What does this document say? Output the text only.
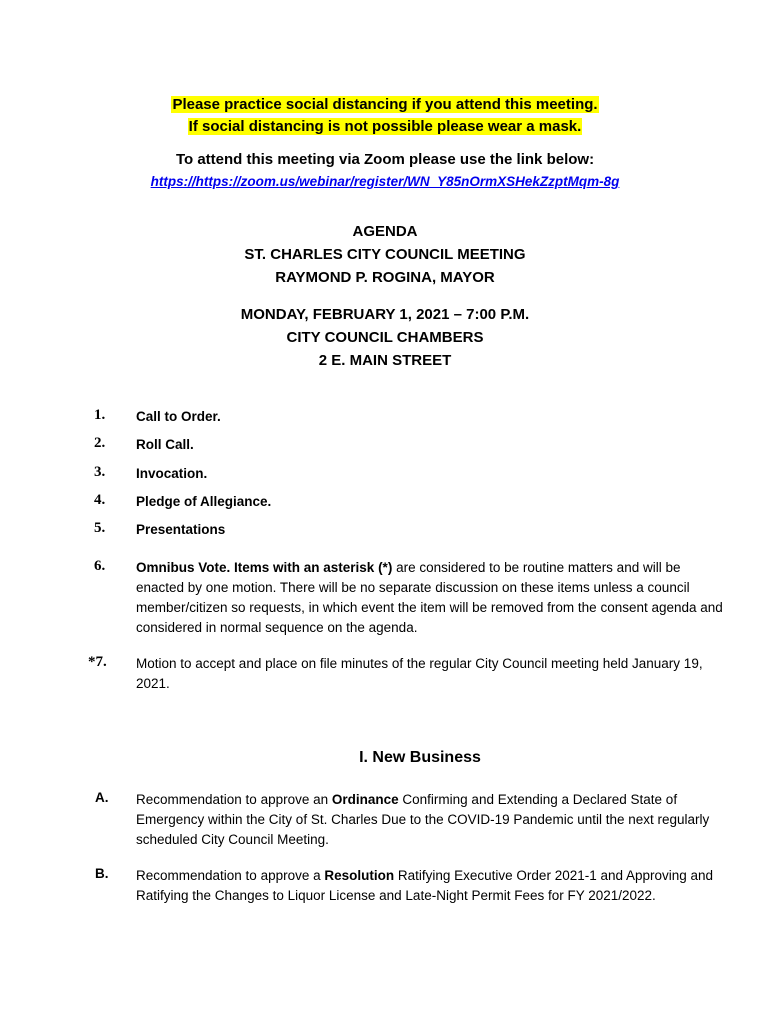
Please practice social distancing if you attend this meeting.
If social distancing is not possible please wear a mask.
To attend this meeting via Zoom please use the link below:
https://https://zoom.us/webinar/register/WN_Y85nOrmXSHekZzptMqm-8g
AGENDA
ST. CHARLES CITY COUNCIL MEETING
RAYMOND P. ROGINA, MAYOR
MONDAY, FEBRUARY 1, 2021 – 7:00 P.M.
CITY COUNCIL CHAMBERS
2 E. MAIN STREET
1. Call to Order.
2. Roll Call.
3. Invocation.
4. Pledge of Allegiance.
5. Presentations
6. Omnibus Vote. Items with an asterisk (*) are considered to be routine matters and will be enacted by one motion. There will be no separate discussion on these items unless a council member/citizen so requests, in which event the item will be removed from the consent agenda and considered in normal sequence on the agenda.
*7. Motion to accept and place on file minutes of the regular City Council meeting held January 19, 2021.
I. New Business
A. Recommendation to approve an Ordinance Confirming and Extending a Declared State of Emergency within the City of St. Charles Due to the COVID-19 Pandemic until the next regularly scheduled City Council Meeting.
B. Recommendation to approve a Resolution Ratifying Executive Order 2021-1 and Approving and Ratifying the Changes to Liquor License and Late-Night Permit Fees for FY 2021/2022.
